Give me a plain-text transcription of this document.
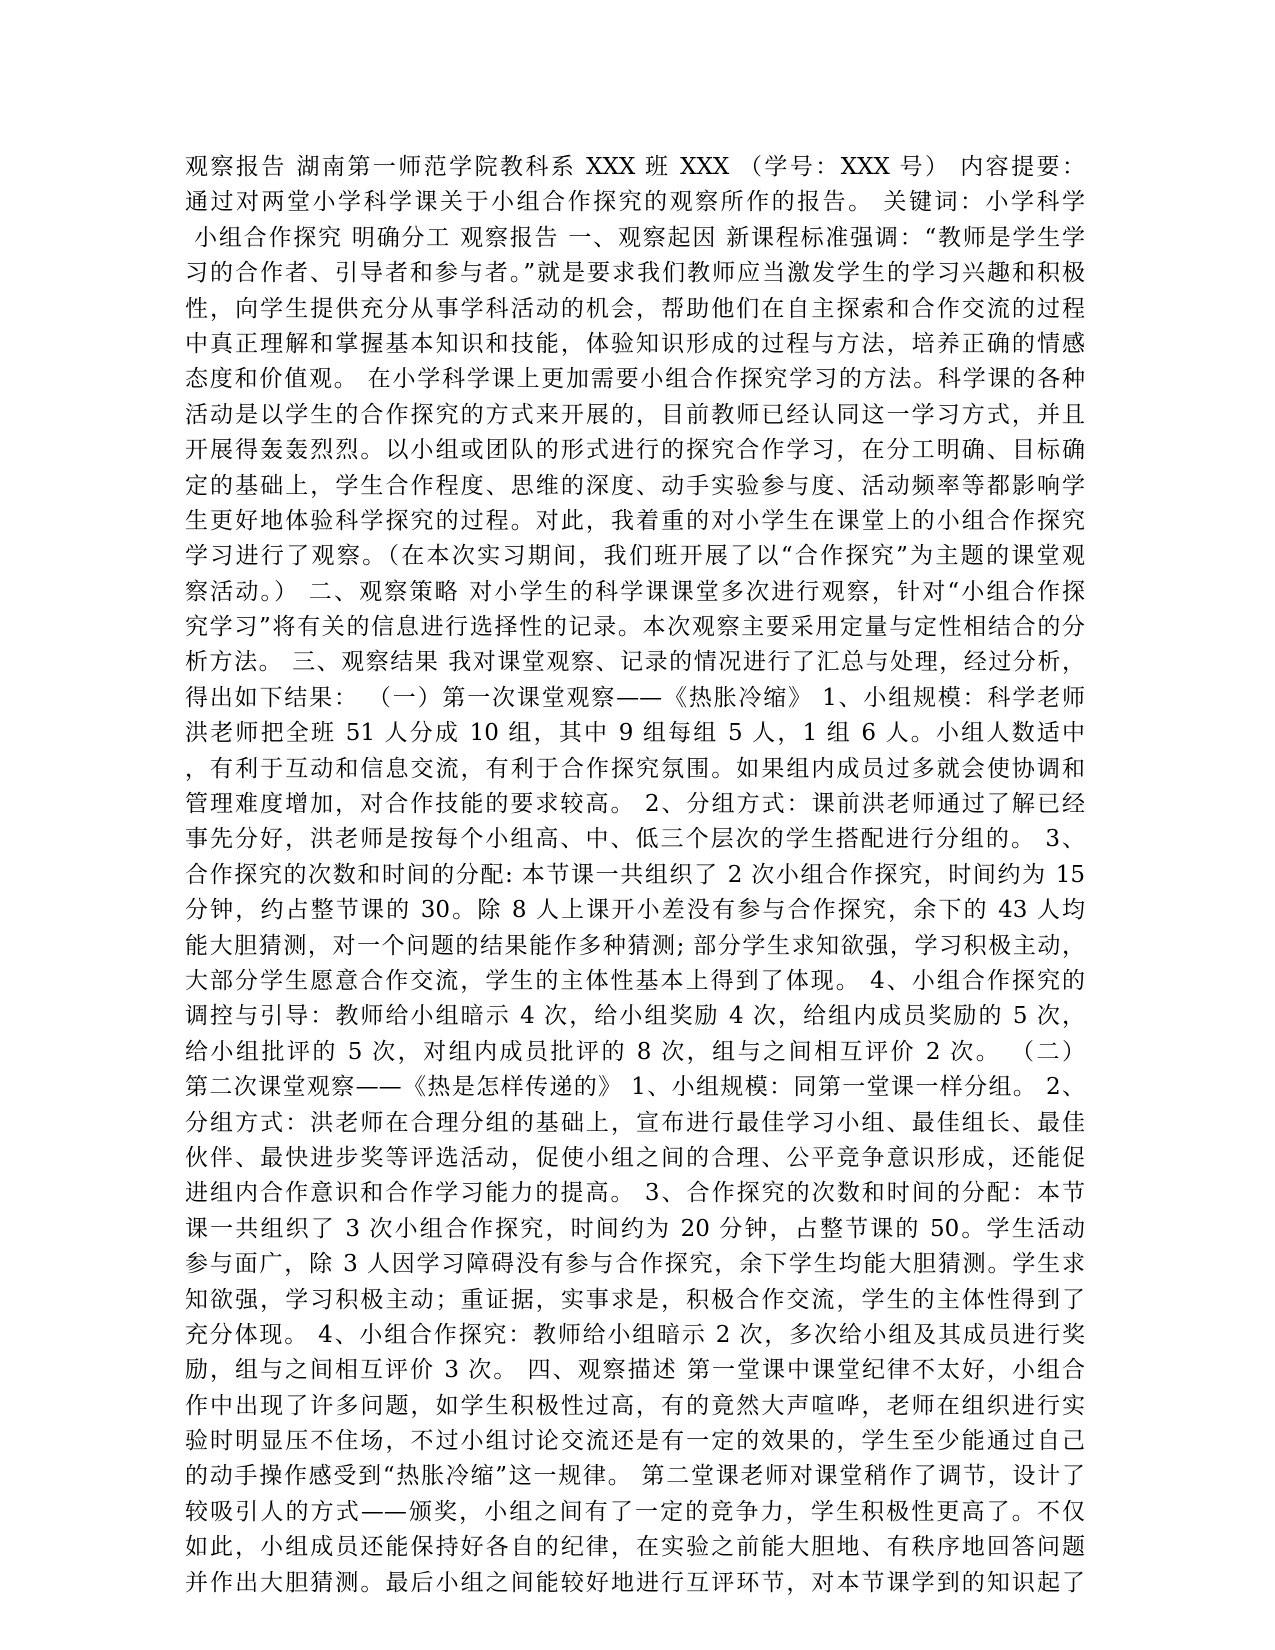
观察报告 湖南第一师范学院教科系 XXX 班 XXX （学号：XXX 号） 内容提要：
通过对两堂小学科学课关于小组合作探究的观察所作的报告。 关键词：小学科学
小组合作探究 明确分工 观察报告 一、观察起因 新课程标准强调：“教师是学生学
习的合作者、引导者和参与者。”就是要求我们教师应当激发学生的学习兴趣和积极
性，向学生提供充分从事学科活动的机会，帮助他们在自主探索和合作交流的过程
中真正理解和掌握基本知识和技能，体验知识形成的过程与方法，培养正确的情感
态度和价值观。 在小学科学课上更加需要小组合作探究学习的方法。科学课的各种
活动是以学生的合作探究的方式来开展的，目前教师已经认同这一学习方式，并且
开展得轰轰烈烈。以小组或团队的形式进行的探究合作学习，在分工明确、目标确
定的基础上，学生合作程度、思维的深度、动手实验参与度、活动频率等都影响学
生更好地体验科学探究的过程。对此，我着重的对小学生在课堂上的小组合作探究
学习进行了观察。（在本次实习期间，我们班开展了以“合作探究”为主题的课堂观
察活动。） 二、观察策略 对小学生的科学课课堂多次进行观察，针对“小组合作探
究学习”将有关的信息进行选择性的记录。本次观察主要采用定量与定性相结合的分
析方法。 三、观察结果 我对课堂观察、记录的情况进行了汇总与处理，经过分析，
得出如下结果： （一）第一次课堂观察——《热胀冷缩》 1、小组规模：科学老师
洪老师把全班 51 人分成 10 组，其中 9 组每组 5 人，1 组 6 人。小组人数适中
，有利于互动和信息交流，有利于合作探究氛围。如果组内成员过多就会使协调和
管理难度增加，对合作技能的要求较高。 2、分组方式：课前洪老师通过了解已经
事先分好，洪老师是按每个小组高、中、低三个层次的学生搭配进行分组的。 3、
合作探究的次数和时间的分配: 本节课一共组织了 2 次小组合作探究，时间约为 15
分钟，约占整节课的 30。除 8 人上课开小差没有参与合作探究，余下的 43 人均
能大胆猜测，对一个问题的结果能作多种猜测; 部分学生求知欲强，学习积极主动，
大部分学生愿意合作交流，学生的主体性基本上得到了体现。 4、小组合作探究的
调控与引导：教师给小组暗示 4 次，给小组奖励 4 次，给组内成员奖励的 5 次，
给小组批评的 5 次，对组内成员批评的 8 次，组与之间相互评价 2 次。 （二）
第二次课堂观察——《热是怎样传递的》 1、小组规模：同第一堂课一样分组。 2、
分组方式：洪老师在合理分组的基础上，宣布进行最佳学习小组、最佳组长、最佳
伙伴、最快进步奖等评选活动，促使小组之间的合理、公平竞争意识形成，还能促
进组内合作意识和合作学习能力的提高。 3、合作探究的次数和时间的分配：本节
课一共组织了 3 次小组合作探究，时间约为 20 分钟，占整节课的 50。学生活动
参与面广，除 3 人因学习障碍没有参与合作探究，余下学生均能大胆猜测。学生求
知欲强，学习积极主动；重证据，实事求是，积极合作交流，学生的主体性得到了
充分体现。 4、小组合作探究：教师给小组暗示 2 次，多次给小组及其成员进行奖
励，组与之间相互评价 3 次。 四、观察描述 第一堂课中课堂纪律不太好，小组合
作中出现了许多问题，如学生积极性过高，有的竟然大声喧哗，老师在组织进行实
验时明显压不住场，不过小组讨论交流还是有一定的效果的，学生至少能通过自己
的动手操作感受到“热胀冷缩”这一规律。 第二堂课老师对课堂稍作了调节，设计了
较吸引人的方式——颁奖，小组之间有了一定的竞争力，学生积极性更高了。不仅
如此，小组成员还能保持好各自的纪律，在实验之前能大胆地、有秩序地回答问题
并作出大胆猜测。最后小组之间能较好地进行互评环节，对本节课学到的知识起了
